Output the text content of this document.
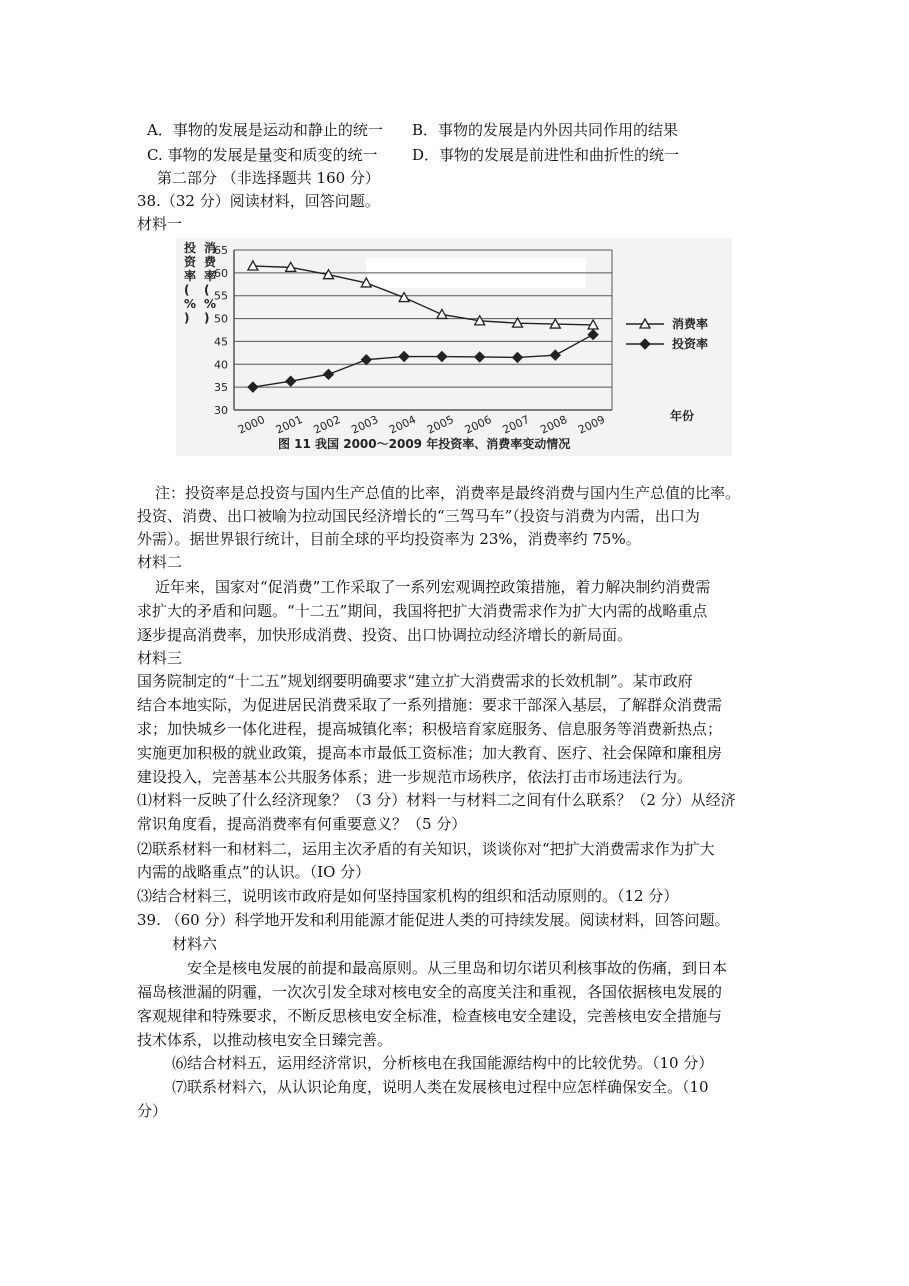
A．事物的发展是运动和静止的统一 B．事物的发展是内外因共同作用的结果
C. 事物的发展是量变和质变的统一 D．事物的发展是前进性和曲折性的统一
第二部分 （非选择题共 160 分）
38.（32 分）阅读材料，回答问题。
材料一
30
35
40
45
50
55
60
65
2000 2001 2002 2003 2004 2005 2006 2007 2008 2009
投资率( % )
消费率( % )
年份
消费率
投资率
图 11 我国 2000～2009 年投资率、消费率变动情况
注：投资率是总投资与国内生产总值的比率，消费率是最终消费与国内生产总值的比率。
投资、消费、出口被喻为拉动国民经济增长的“三驾马车”（投资与消费为内需，出口为
外需）。据世界银行统计，目前全球的平均投资率为 23%，消费率约 75%。
材料二
近年来，国家对“促消费”工作采取了一系列宏观调控政策措施，着力解决制约消费需
求扩大的矛盾和问题。“十二五”期间，我国将把扩大消费需求作为扩大内需的战略重点
逐步提高消费率，加快形成消费、投资、出口协调拉动经济增长的新局面。
材料三
国务院制定的“十二五”规划纲要明确要求“建立扩大消费需求的长效机制”。某市政府
结合本地实际，为促进居民消费采取了一系列措施：要求干部深入基层，了解群众消费需
求；加快城乡一体化进程，提高城镇化率；积极培育家庭服务、信息服务等消费新热点；
实施更加积极的就业政策，提高本市最低工资标准；加大教育、医疗、社会保障和廉租房
建设投入，完善基本公共服务体系；进一步规范市场秩序，依法打击市场违法行为。
⑴材料一反映了什么经济现象？（3 分）材料一与材料二之间有什么联系？（2 分）从经济
常识角度看，提高消费率有何重要意义？（5 分）
⑵联系材料一和材料二，运用主次矛盾的有关知识，谈谈你对“把扩大消费需求作为扩大
内需的战略重点”的认识。（IO 分）
⑶结合材料三，说明该市政府是如何坚持国家机构的组织和活动原则的。（12 分）
39. （60 分）科学地开发和利用能源才能促进人类的可持续发展。阅读材料，回答问题。
材料六
安全是核电发展的前提和最高原则。从三里岛和切尔诺贝利核事故的伤痛，到日本
福岛核泄漏的阴霾，一次次引发全球对核电安全的高度关注和重视，各国依据核电发展的
客观规律和特殊要求，不断反思核电安全标准，检查核电安全建设，完善核电安全措施与
技术体系，以推动核电安全日臻完善。
⑹结合材料五，运用经济常识，分析核电在我国能源结构中的比较优势。（10 分）
⑺联系材料六，从认识论角度，说明人类在发展核电过程中应怎样确保安全。（10
分）
